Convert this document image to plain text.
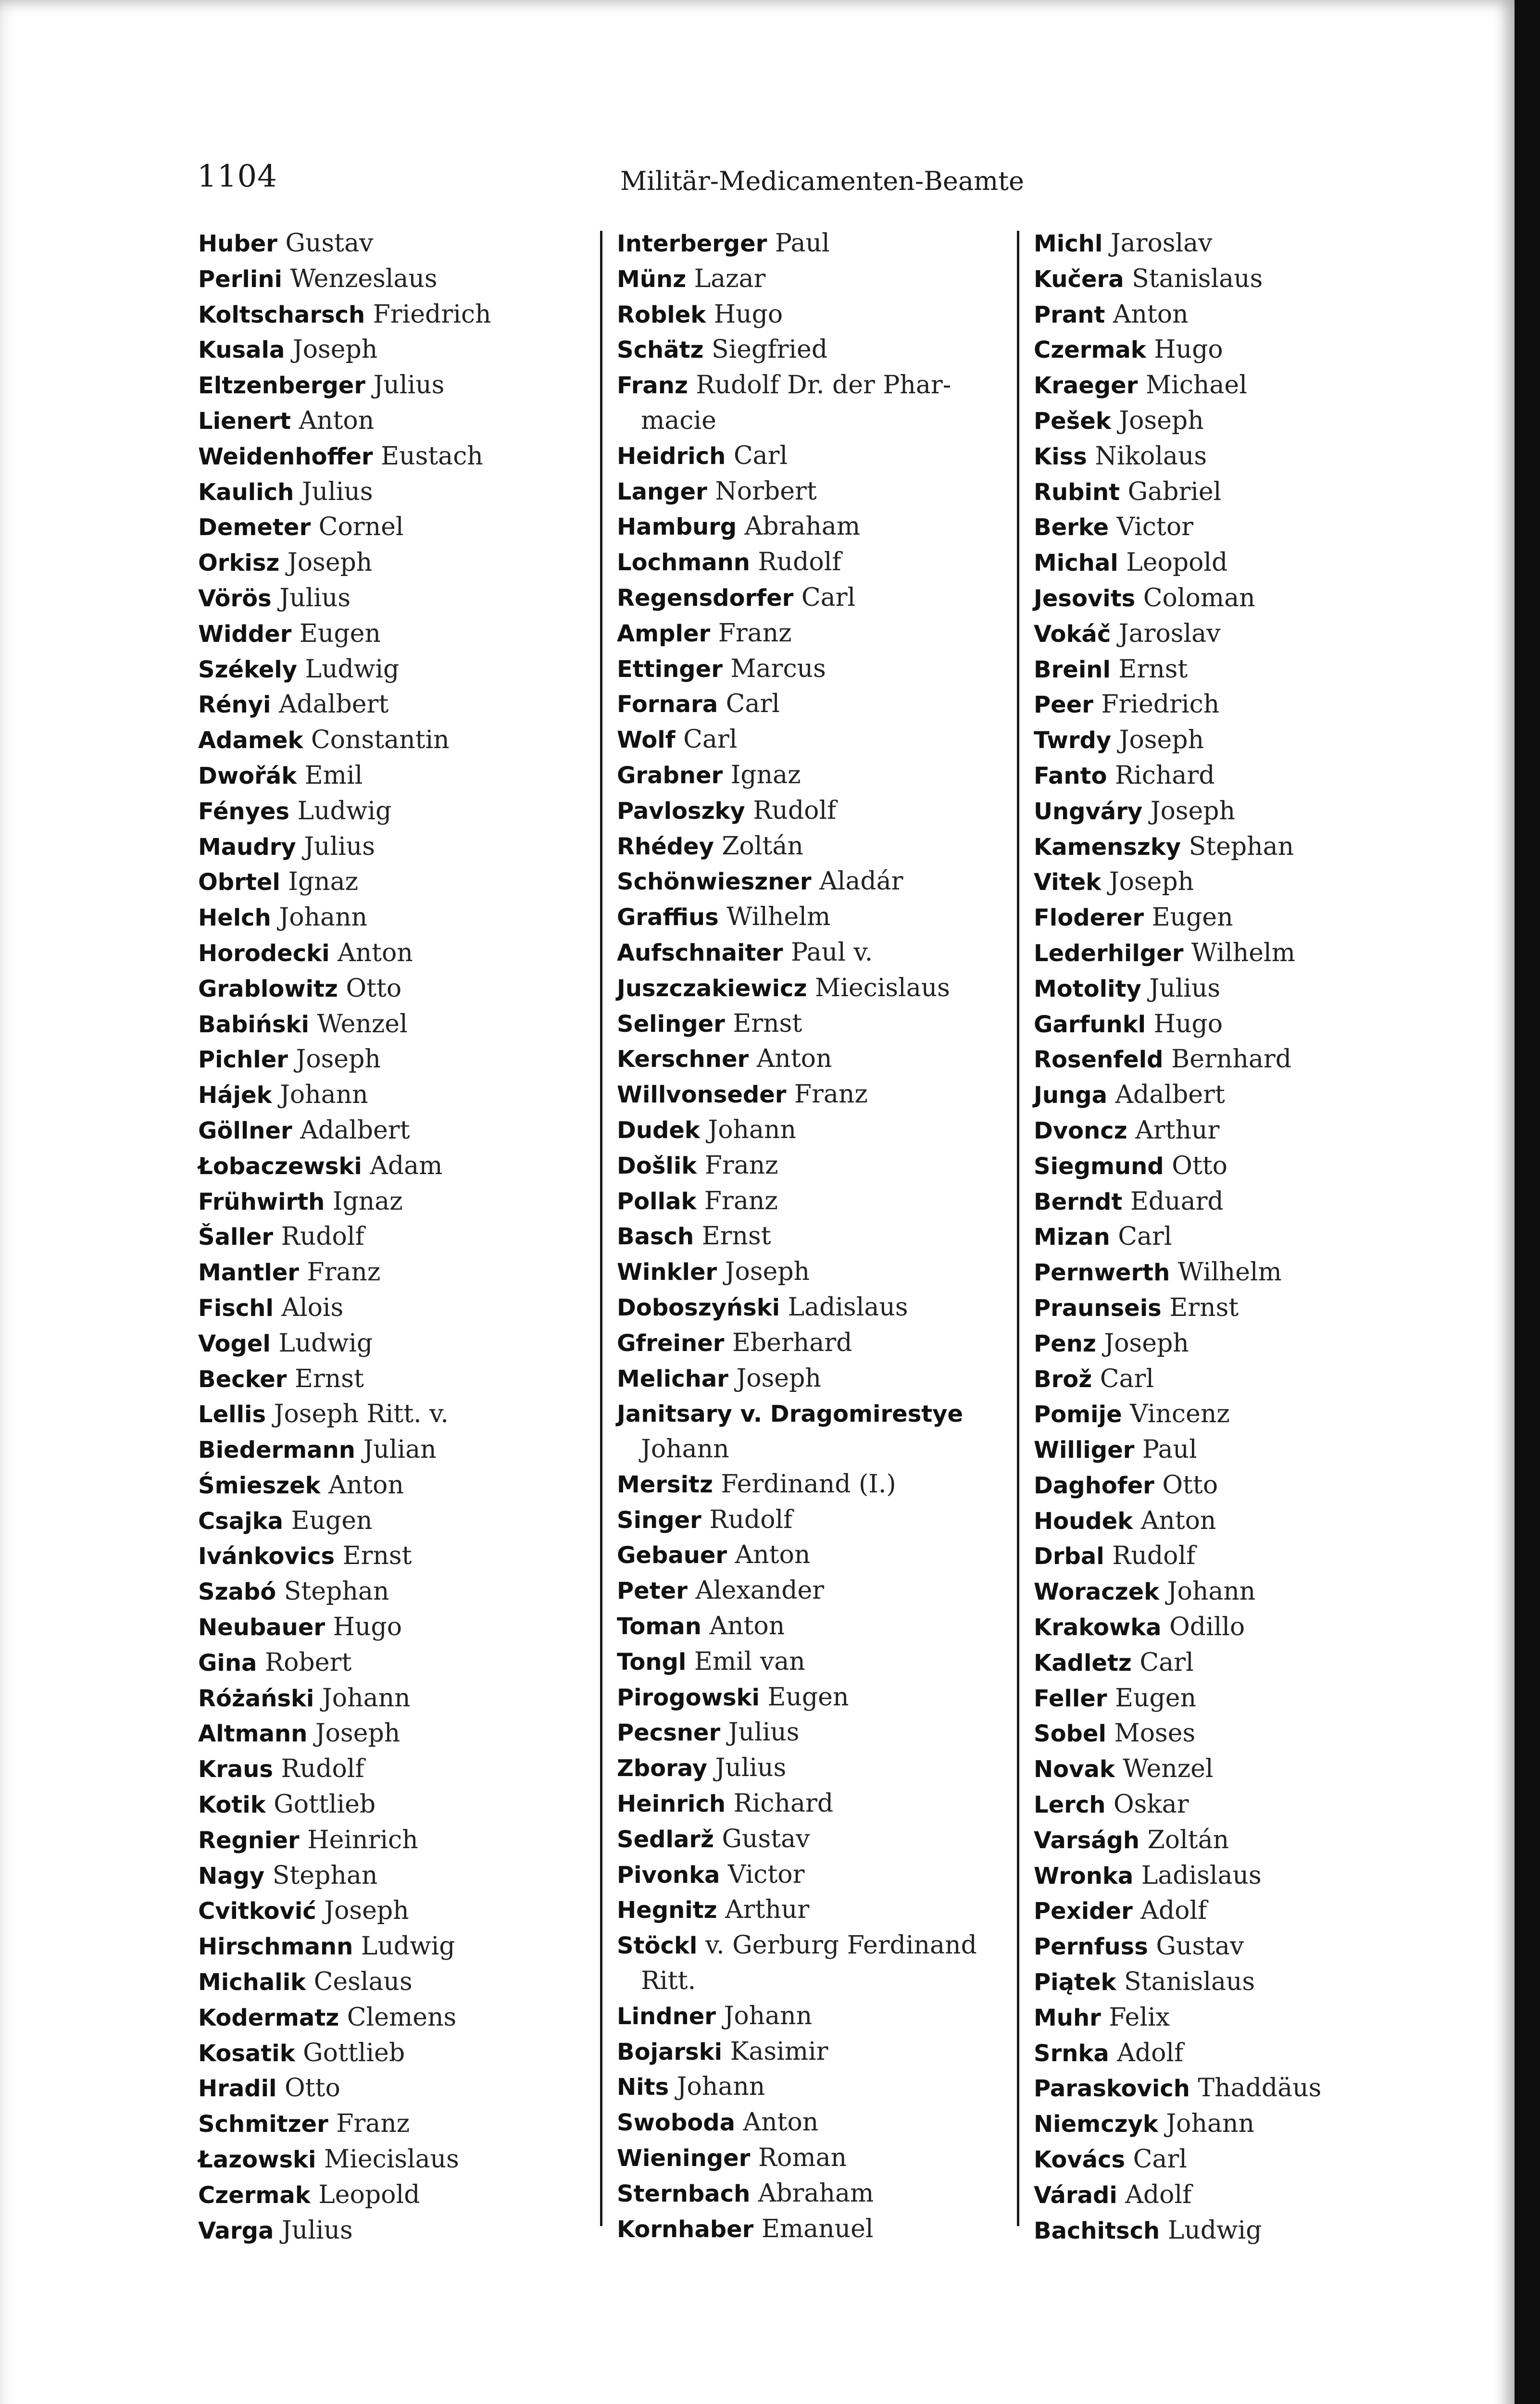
1104	Militär-Medicamenten-Beamte
Huber Gustav
Perlini Wenzeslaus
Koltscharsch Friedrich
Kusala Joseph
Eltzenberger Julius
Lienert Anton
Weidenhoffer Eustach
Kaulich Julius
Demeter Cornel
Orkisz Joseph
Vörös Julius
Widder Eugen
Székely Ludwig
Rényi Adalbert
Adamek Constantin
Dwořák Emil
Fényes Ludwig
Maudry Julius
Obrtel Ignaz
Helch Johann
Horodecki Anton
Grablowitz Otto
Babiński Wenzel
Pichler Joseph
Hájek Johann
Göllner Adalbert
Łobaczewski Adam
Frühwirth Ignaz
Šaller Rudolf
Mantler Franz
Fischl Alois
Vogel Ludwig
Becker Ernst
Lellis Joseph Ritt. v.
Biedermann Julian
Śmieszek Anton
Csajka Eugen
Ivánkovics Ernst
Szabó Stephan
Neubauer Hugo
Gina Robert
Różański Johann
Altmann Joseph
Kraus Rudolf
Kotik Gottlieb
Regnier Heinrich
Nagy Stephan
Cvitković Joseph
Hirschmann Ludwig
Michalik Ceslaus
Kodermatz Clemens
Kosatik Gottlieb
Hradil Otto
Schmitzer Franz
Łazowski Miecislaus
Czermak Leopold
Varga Julius
Interberger Paul
Münz Lazar
Roblek Hugo
Schätz Siegfried
Franz Rudolf Dr. der Phar-
macie
Heidrich Carl
Langer Norbert
Hamburg Abraham
Lochmann Rudolf
Regensdorfer Carl
Ampler Franz
Ettinger Marcus
Fornara Carl
Wolf Carl
Grabner Ignaz
Pavloszky Rudolf
Rhédey Zoltán
Schönwieszner Aladár
Graffius Wilhelm
Aufschnaiter Paul v.
Juszczakiewicz Miecislaus
Selinger Ernst
Kerschner Anton
Willvonseder Franz
Dudek Johann
Došlik Franz
Pollak Franz
Basch Ernst
Winkler Joseph
Doboszyński Ladislaus
Gfreiner Eberhard
Melichar Joseph
Janitsary v. Dragomirestye
Johann
Mersitz Ferdinand (I.)
Singer Rudolf
Gebauer Anton
Peter Alexander
Toman Anton
Tongl Emil van
Pirogowski Eugen
Pecsner Julius
Zboray Julius
Heinrich Richard
Sedlarž Gustav
Pivonka Victor
Hegnitz Arthur
Stöckl v. Gerburg Ferdinand
Ritt.
Lindner Johann
Bojarski Kasimir
Nits Johann
Swoboda Anton
Wieninger Roman
Sternbach Abraham
Kornhaber Emanuel
Michl Jaroslav
Kučera Stanislaus
Prant Anton
Czermak Hugo
Kraeger Michael
Pešek Joseph
Kiss Nikolaus
Rubint Gabriel
Berke Victor
Michal Leopold
Jesovits Coloman
Vokáč Jaroslav
Breinl Ernst
Peer Friedrich
Twrdy Joseph
Fanto Richard
Ungváry Joseph
Kamenszky Stephan
Vitek Joseph
Floderer Eugen
Lederhilger Wilhelm
Motolity Julius
Garfunkl Hugo
Rosenfeld Bernhard
Junga Adalbert
Dvoncz Arthur
Siegmund Otto
Berndt Eduard
Mizan Carl
Pernwerth Wilhelm
Praunseis Ernst
Penz Joseph
Brož Carl
Pomije Vincenz
Williger Paul
Daghofer Otto
Houdek Anton
Drbal Rudolf
Woraczek Johann
Krakowka Odillo
Kadletz Carl
Feller Eugen
Sobel Moses
Novak Wenzel
Lerch Oskar
Varságh Zoltán
Wronka Ladislaus
Pexider Adolf
Pernfuss Gustav
Piątek Stanislaus
Muhr Felix
Srnka Adolf
Paraskovich Thaddäus
Niemczyk Johann
Kovács Carl
Váradi Adolf
Bachitsch Ludwig
